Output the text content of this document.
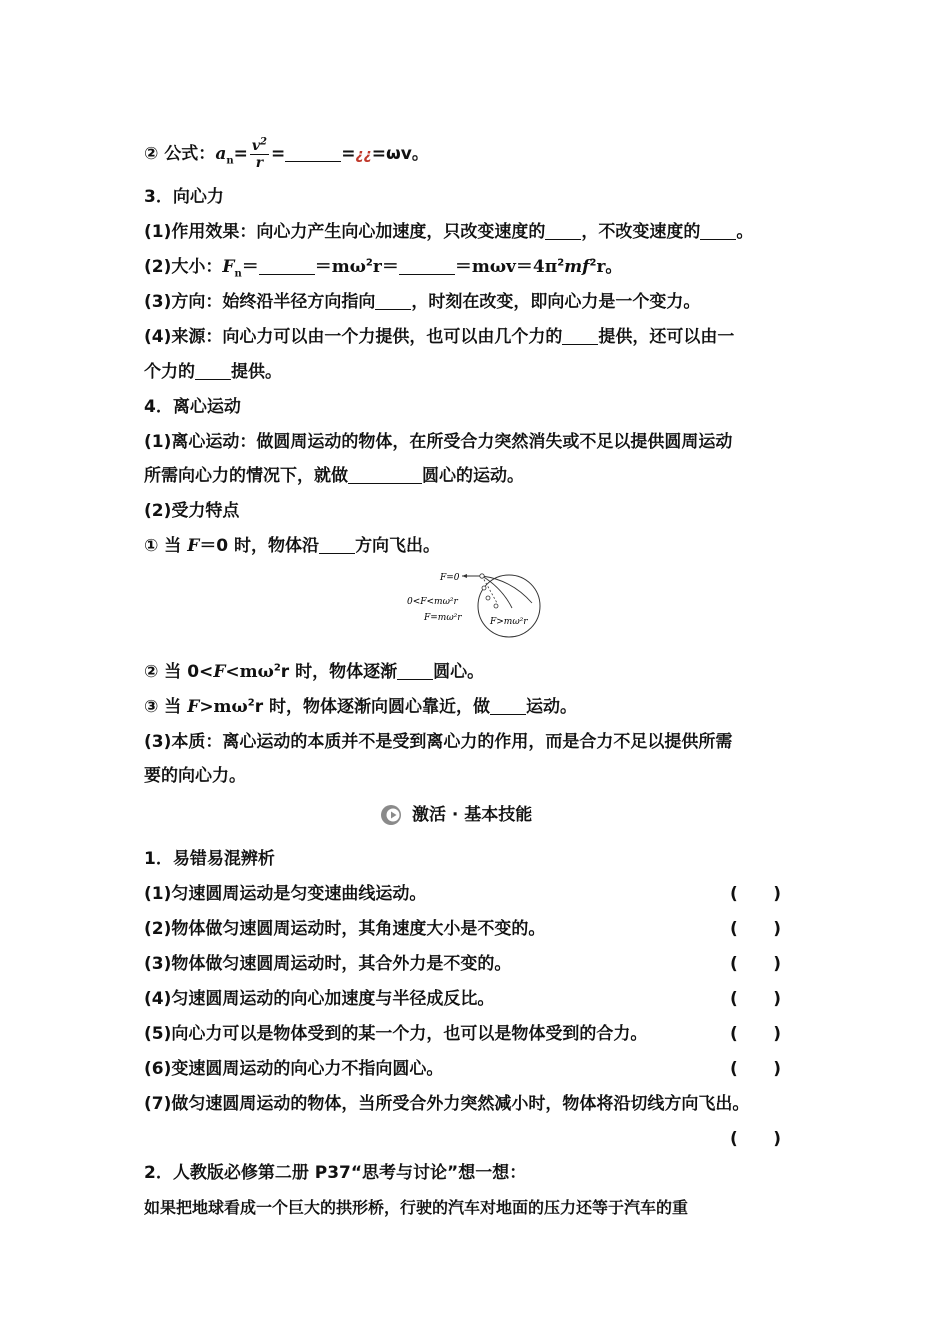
② 公式：$a_n= \frac{v^2}{r}$ =	=¿¿=ωv。
3．向心力
(1)作用效果：向心力产生向心加速度，只改变速度的 ，不改变速度的 。
(2)大小：$F_n=$	$=m\omega^2r=$	$=m\omega v=4\pi^2mf^2r$。
(3)方向：始终沿半径方向指向 ，时刻在改变，即向心力是一个变力。
(4)来源：向心力可以由一个力提供，也可以由几个力的 提供，还可以由一
个力的 提供。
4．离心运动
(1)离心运动：做圆周运动的物体，在所受合力突然消失或不足以提供圆周运动
所需向心力的情况下，就做	圆心的运动。
(2)受力特点
① 当 F＝0 时，物体沿 方向飞出。
F=0
0<F<mω²r
F=mω²r	F>mω²r
② 当 $0<F<m\omega^2r$ 时，物体逐渐 圆心。
③ 当 $F>m\omega^2r$ 时，物体逐渐向圆心靠近，做 运动。
(3)本质：离心运动的本质并不是受到离心力的作用，而是合力不足以提供所需
要的向心力。
激活 · 基本技能
1．易错易混辨析
(1)匀速圆周运动是匀变速曲线运动。	(      )
(2)物体做匀速圆周运动时，其角速度大小是不变的。	(      )
(3)物体做匀速圆周运动时，其合外力是不变的。	(      )
(4)匀速圆周运动的向心加速度与半径成反比。	(      )
(5)向心力可以是物体受到的某一个力，也可以是物体受到的合力。	(      )
(6)变速圆周运动的向心力不指向圆心。	(      )
(7)做匀速圆周运动的物体，当所受合外力突然减小时，物体将沿切线方向飞出。
(      )
2．人教版必修第二册 P37“思考与讨论”想一想：
如果把地球看成一个巨大的拱形桥，行驶的汽车对地面的压力还等于汽车的重
